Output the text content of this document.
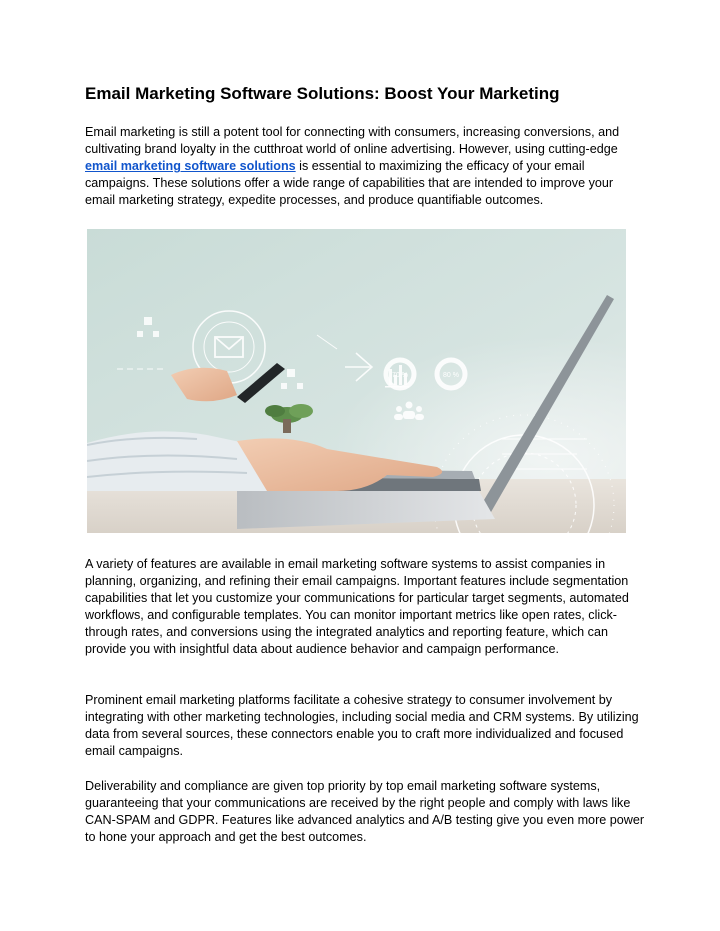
Email Marketing Software Solutions: Boost Your Marketing

Email marketing is still a potent tool for connecting with consumers, increasing conversions, and cultivating brand loyalty in the cutthroat world of online advertising. However, using cutting-edge email marketing software solutions is essential to maximizing the efficacy of your email campaigns. These solutions offer a wide range of capabilities that are intended to improve your email marketing strategy, expedite processes, and produce quantifiable outcomes.

70 %	80 %

A variety of features are available in email marketing software systems to assist companies in planning, organizing, and refining their email campaigns. Important features include segmentation capabilities that let you customize your communications for particular target segments, automated workflows, and configurable templates. You can monitor important metrics like open rates, click-through rates, and conversions using the integrated analytics and reporting feature, which can provide you with insightful data about audience behavior and campaign performance.

Prominent email marketing platforms facilitate a cohesive strategy to consumer involvement by integrating with other marketing technologies, including social media and CRM systems. By utilizing data from several sources, these connectors enable you to craft more individualized and focused email campaigns.

Deliverability and compliance are given top priority by top email marketing software systems, guaranteeing that your communications are received by the right people and comply with laws like CAN-SPAM and GDPR. Features like advanced analytics and A/B testing give you even more power to hone your approach and get the best outcomes.
